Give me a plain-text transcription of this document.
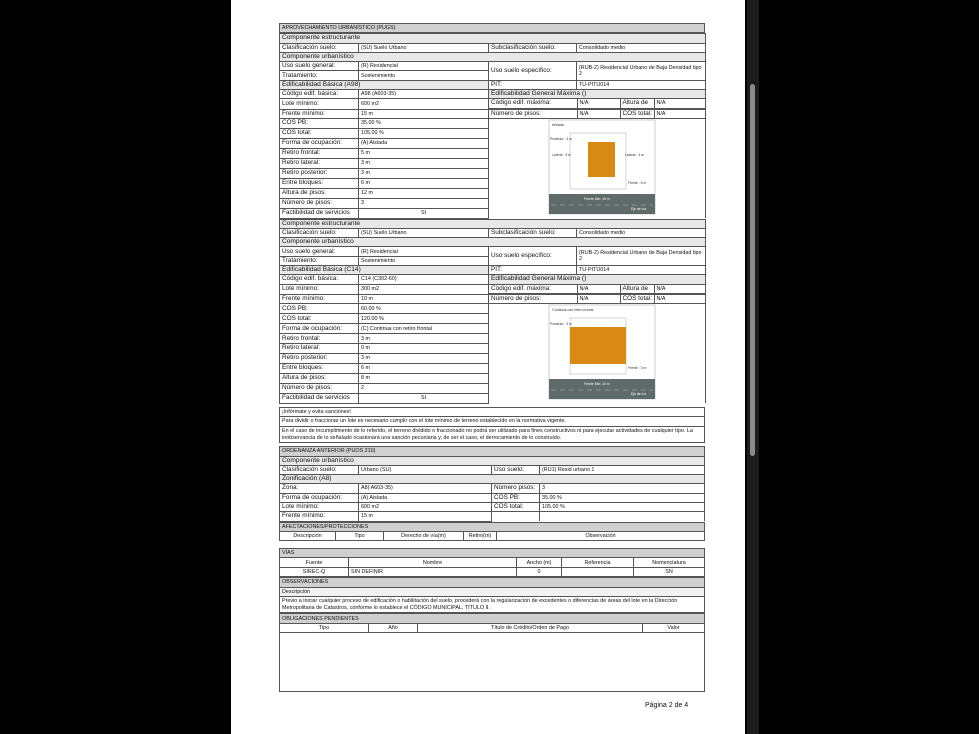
APROVECHAMIENTO URBANÍSTICO (PUGS)
Componente estructurante
Clasificación suelo:	(SU) Suelo Urbano	Subclasificación suelo:	Consolidado medio
Componente urbanístico
Uso suelo general:	(R) Residencial	Uso suelo específico:	(RUB-2) Residencial Urbano de Baja Densidad tipo 2
Tratamiento:	Sostenimiento
Edificabilidad Básica (A98)	PIT:	TU-PITU014
Código edif. básica:	A98 (A603-35)	Edificabilidad General Máxima ()
Lote mínimo:	600 m2		Código edif. máxima:	N/A	Altura de	N/A

Frente mínimo:	15 m		Número de pisos:	N/A	COS total:	N/A

COS PB:	35.00 %	Aislada
Posterior : 3 m
Lateral : 3 m	Lateral : 3 m
Frente : 5 m
Frente Min: 15 m
Eje de vía

COS total:	105.00 %
Forma de ocupación:	(A) Aislada
Retiro frontal:	5 m
Retiro lateral:	3 m
Retiro posterior:	3 m
Entre bloques:	6 m
Altura de pisos:	12 m
Número de pisos:	3
Factibilidad de servicios	SI
Componente estructurante
Clasificación suelo:	(SU) Suelo Urbano	Subclasificación suelo:	Consolidado medio
Componente urbanístico
Uso suelo general:	(R) Residencial	Uso suelo específico:	(RUB-2) Residencial Urbano de Baja Densidad tipo 2
Tratamiento:	Sostenimiento
Edificabilidad Básica (C14)	PIT:	TU-PITU014
Código edif. básica:	C14 (C302-60)	Edificabilidad General Máxima ()
Lote mínimo:	300 m2		Código edif. máxima:	N/A	Altura de	N/A

Frente mínimo:	10 m		Número de pisos:	N/A	COS total:	N/A

COS PB:	60.00 %	Continua con retiro frontal
Posterior : 3 m
Frente : 3 m
Frente Min: 10 m
Eje de vía

COS total:	120.00 %
Forma de ocupación:	(C) Continua con retiro frontal
Retiro frontal:	3 m
Retiro lateral:	0 m
Retiro posterior:	3 m
Entre bloques:	6 m
Altura de pisos:	8 m
Número de pisos:	2
Factibilidad de servicios	SI
¡Infórmate y evita sanciones!
Para dividir o fraccionar un lote es necesario cumplir con el lote mínimo de terreno establecido en la normativa vigente.
En el caso de incumplimiento de lo referido, el terreno dividido o fraccionado no podrá ser utilizado para fines constructivos ni para ejecutar actividades de cualquier tipo. La inobservancia de lo señalado ocasionará una sanción pecuniaria y, de ser el caso, el derrocamiento de lo construido.
ORDENANZA ANTERIOR (PUOS 210)			
Componente urbanístico			
Clasificación suelo:	Urbano (SU)	Uso suelo:	(RU1) Resid urbano 1
Zonificación (A8)			
Zona:	A8( A603-35)	Número pisos:	3
Forma de ocupación:	(A) Aislada	COS PB:	35.00 %
Lote mínimo:	600 m2	COS total:	105.00 %
Frente mínimo:	15 m		
AFECTACIONES/PROTECCIONES
Descripción	Tipo	Derecho de vía(m)	Retiro(m)	Observación
VÍAS				
Fuente	Nombre	Ancho (m)	Referencia	Nomenclatura
SIREC-Q	SIN DEFINIR	0		SN
OBSERVACIONES
Descripción
Previo a iniciar cualquier proceso de edificación o habilitación del suelo, procederá con la regularización de excedentes o diferencias de áreas del lote en la Dirección Metropolitana de Catastros, conforme lo establece el CÓDIGO MUNICIPAL, TÍTULO II.
OBLIGACIONES PENDIENTES
Tipo	Año	Título de Crédito/Orden de Pago	Valor

Página 2 de 4
